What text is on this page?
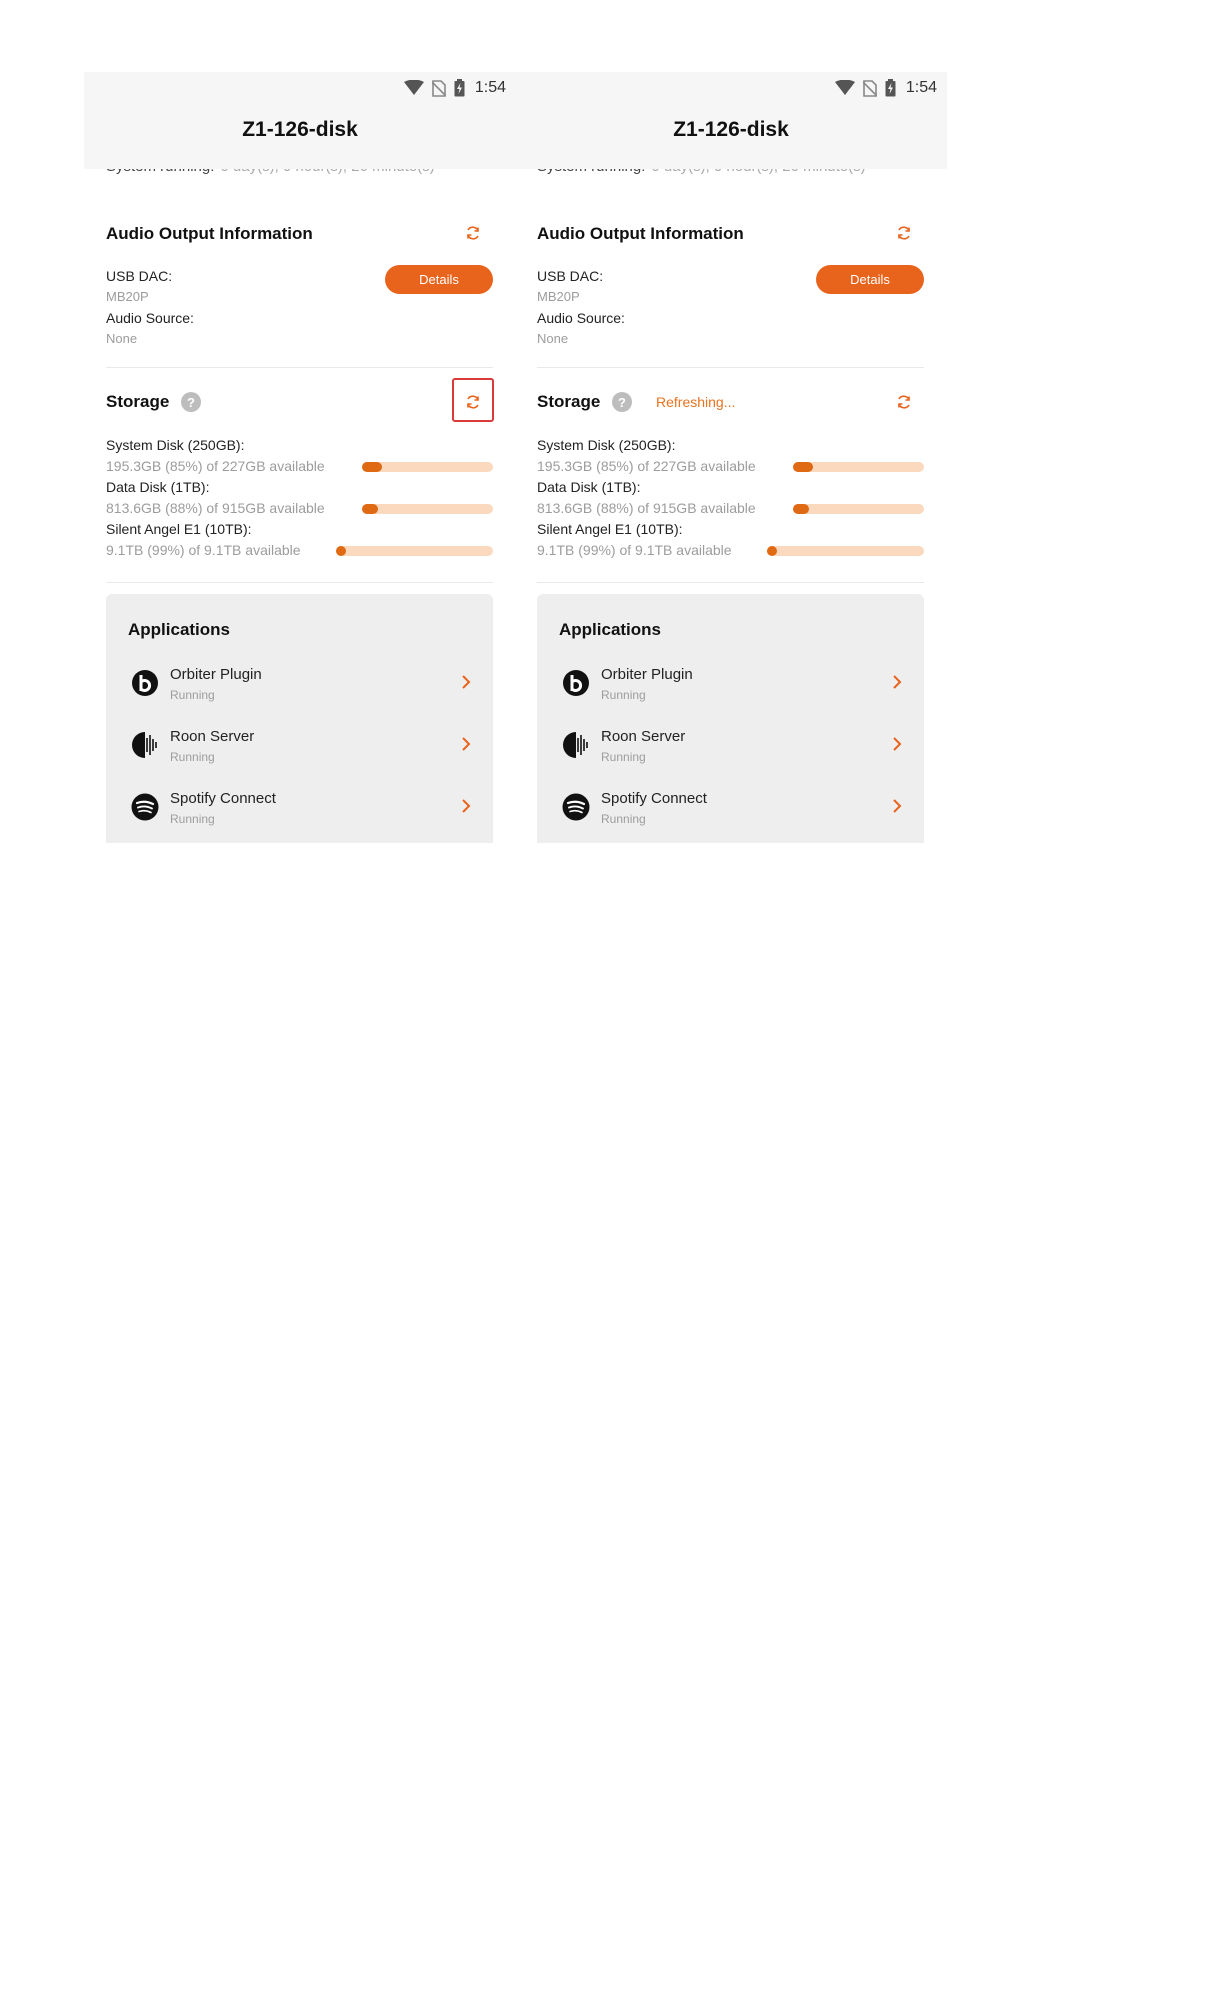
1:54
Z1-126-disk
Audio Output Information
USB DAC:
MB20P
Audio Source:
None
Details
Storage	?
System Disk (250GB):
195.3GB (85%) of 227GB available
Data Disk (1TB):
813.6GB (88%) of 915GB available
Silent Angel E1 (10TB):
9.1TB (99%) of 9.1TB available
Applications
Orbiter Plugin
Running
Roon Server
Running
Spotify Connect
Running
1:54
Z1-126-disk
Audio Output Information
USB DAC:
MB20P
Audio Source:
None
Details
Storage	?	Refreshing...
System Disk (250GB):
195.3GB (85%) of 227GB available
Data Disk (1TB):
813.6GB (88%) of 915GB available
Silent Angel E1 (10TB):
9.1TB (99%) of 9.1TB available
Applications
Orbiter Plugin
Running
Roon Server
Running
Spotify Connect
Running
